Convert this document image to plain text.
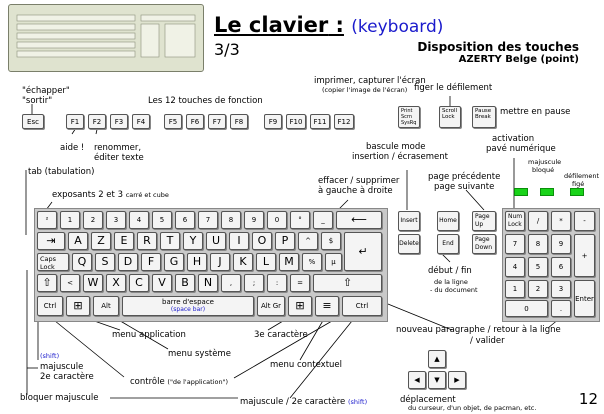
Le clavier : (keyboard)
3/3	Disposition des touches
AZERTY Belge (point)
"échapper"
"sortir"	Les 12 touches de fonction
imprimer, capturer l'écran
(copier l'image de l'écran) figer le défilement
mettre en pause
Esc	F1	F2	F3	F4	F5	F6	F7	F8	F9	F10	F11	F12
Print Scrn SysRq
Scroll Lock
Pause Break
aide ! renommer,
éditer texte
tab (tabulation)
exposants 2 et 3 carré et cube
effacer / supprimer
à gauche à droite
bascule mode
insertion / écrasement
page précédente
page suivante
activation
pavé numérique
majuscule
bloqué
défilement
figé
²	1	2	3	4	5	6	7	8	9	0	°	_	⟵
⇥	A	Z	E	R	T	Y	U	I	O	P	^	$
↵
Caps Lock	Q	S	D	F	G	H	J	K	L	M	%	µ
⇧	<	W	X	C	V	B	N	,	;	:	=	⇧
Ctrl	⊞	Alt	barre d'espace
(space bar)	Alt Gr	⊞	≡	Ctrl
Insert	Home
Page Up
Delete	End
Page Down
Num Lock	/	*	-
7	8	9
+
4	5	6
1	2	3
Enter
0	.
▲
◀	▼	▶
début / fin
de la ligne
- du document
nouveau paragraphe / retour à la ligne
/ valider
menu application	3e caractère
menu système
menu contextuel
(shift)
majuscule
2e caractère	contrôle ("de l'application")
bloquer majuscule	majuscule / 2e caractère (shift)	déplacement
du curseur, d'un objet, de pacman, etc.	12
